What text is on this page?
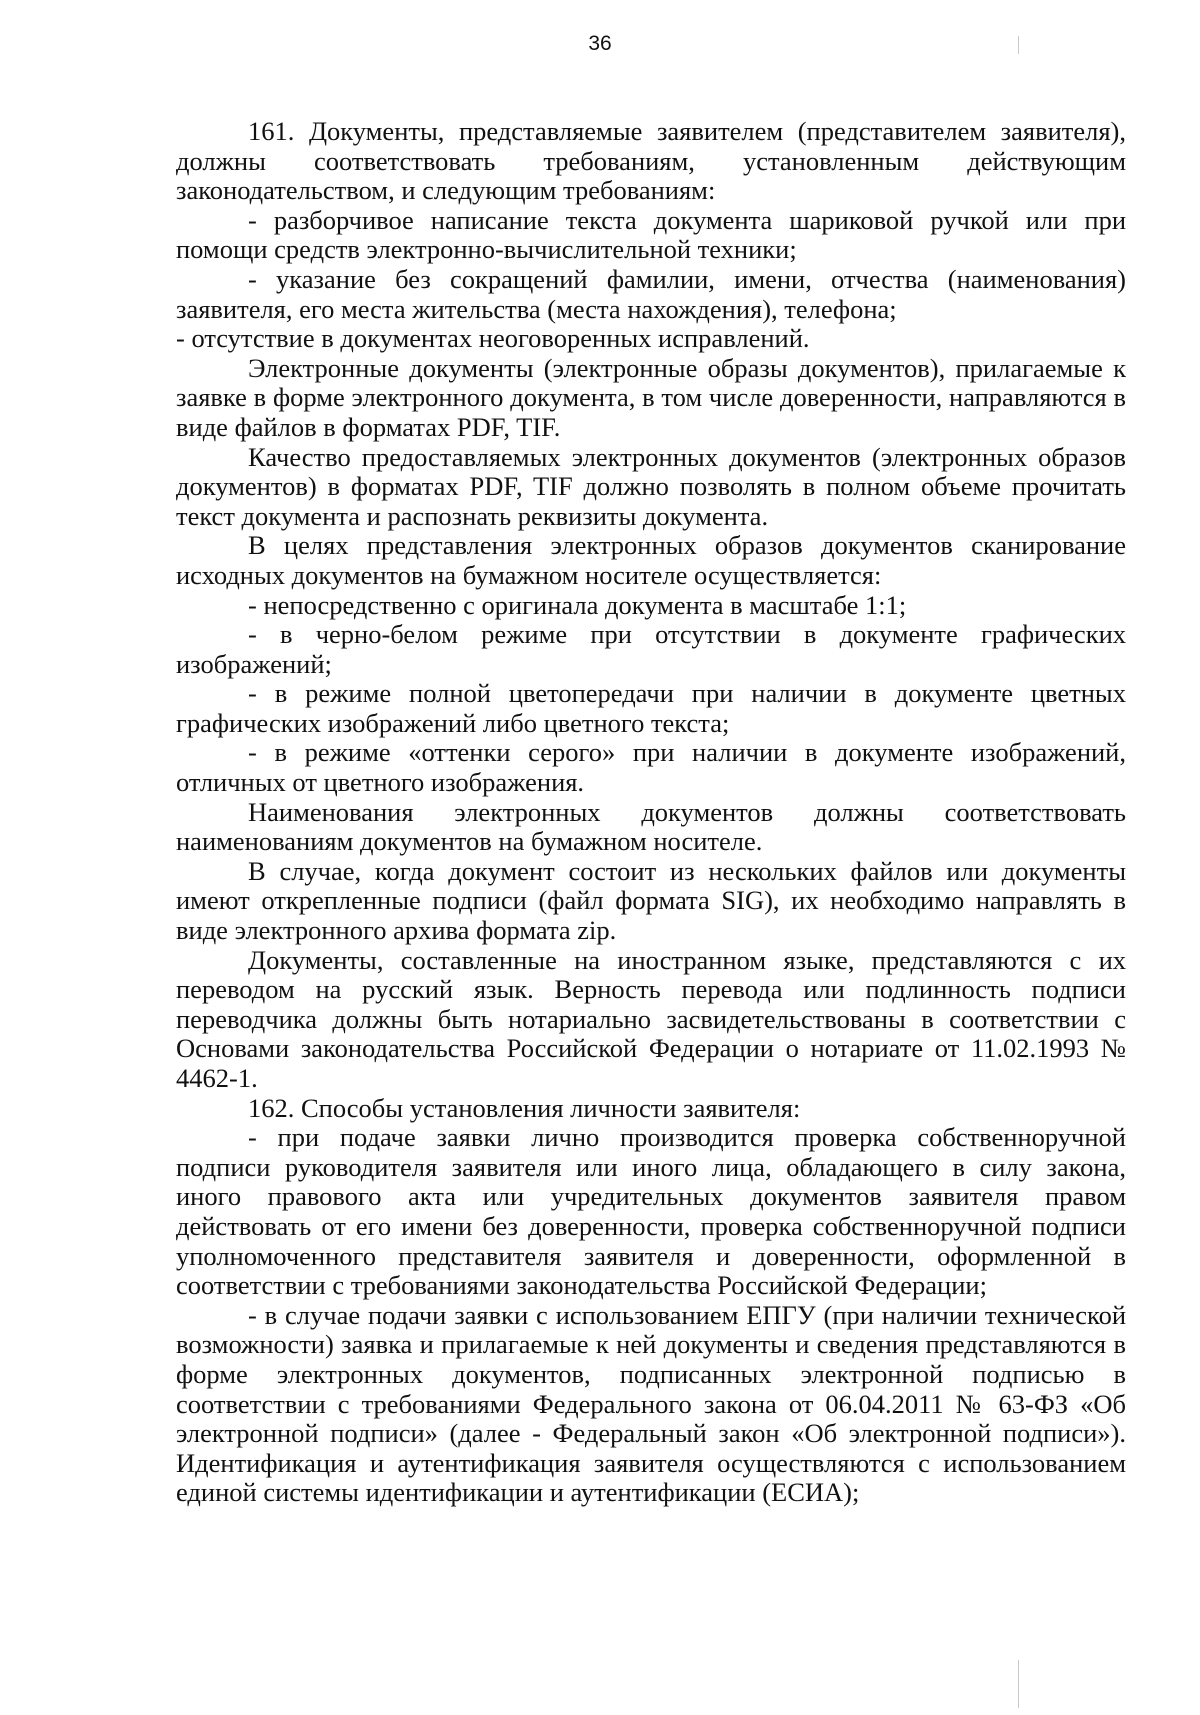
36

161. Документы, представляемые заявителем (представителем заявителя), должны соответствовать требованиям, установленным действующим законодательством, и следующим требованиям:

- разборчивое написание текста документа шариковой ручкой или при помощи средств электронно-вычислительной техники;

- указание без сокращений фамилии, имени, отчества (наименования) заявителя, его места жительства (места нахождения), телефона;

- отсутствие в документах неоговоренных исправлений.

Электронные документы (электронные образы документов), прилагаемые к заявке в форме электронного документа, в том числе доверенности, направляются в виде файлов в форматах PDF, TIF.

Качество предоставляемых электронных документов (электронных образов документов) в форматах PDF, TIF должно позволять в полном объеме прочитать текст документа и распознать реквизиты документа.

В целях представления электронных образов документов сканирование исходных документов на бумажном носителе осуществляется:

- непосредственно с оригинала документа в масштабе 1:1;

- в черно-белом режиме при отсутствии в документе графических изображений;

- в режиме полной цветопередачи при наличии в документе цветных графических изображений либо цветного текста;

- в режиме «оттенки серого» при наличии в документе изображений, отличных от цветного изображения.

Наименования электронных документов должны соответствовать наименованиям документов на бумажном носителе.

В случае, когда документ состоит из нескольких файлов или документы имеют открепленные подписи (файл формата SIG), их необходимо направлять в виде электронного архива формата zip.

Документы, составленные на иностранном языке, представляются с их переводом на русский язык. Верность перевода или подлинность подписи переводчика должны быть нотариально засвидетельствованы в соответствии с Основами законодательства Российской Федерации о нотариате от 11.02.1993 № 4462-1.

162. Способы установления личности заявителя:

- при подаче заявки лично производится проверка собственноручной подписи руководителя заявителя или иного лица, обладающего в силу закона, иного правового акта или учредительных документов заявителя правом действовать от его имени без доверенности, проверка собственноручной подписи уполномоченного представителя заявителя и доверенности, оформленной в соответствии с требованиями законодательства Российской Федерации;

- в случае подачи заявки с использованием ЕПГУ (при наличии технической возможности) заявка и прилагаемые к ней документы и сведения представляются в форме электронных документов, подписанных электронной подписью в соответствии с требованиями Федерального закона от 06.04.2011 № 63-ФЗ «Об электронной подписи» (далее - Федеральный закон «Об электронной подписи»). Идентификация и аутентификация заявителя осуществляются с использованием единой системы идентификации и аутентификации (ЕСИА);
